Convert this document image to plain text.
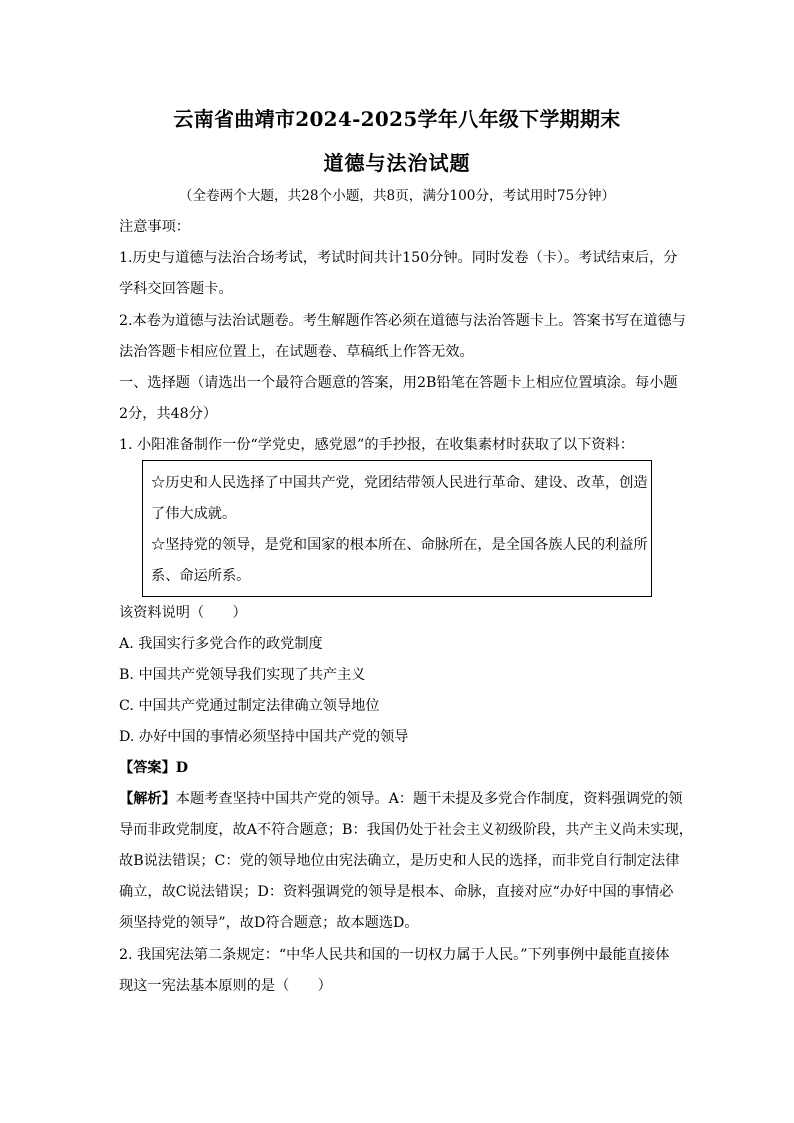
云南省曲靖市2024-2025学年八年级下学期期末
道德与法治试题
（全卷两个大题，共28个小题，共8页，满分100分，考试用时75分钟）
注意事项：
1.历史与道德与法治合场考试，考试时间共计150分钟。同时发卷（卡）。考试结束后，分
学科交回答题卡。
2.本卷为道德与法治试题卷。考生解题作答必须在道德与法治答题卡上。答案书写在道德与
法治答题卡相应位置上，在试题卷、草稿纸上作答无效。
一、选择题（请选出一个最符合题意的答案，用2B铅笔在答题卡上相应位置填涂。每小题
2分，共48分）
1. 小阳准备制作一份“学党史，感党恩”的手抄报，在收集素材时获取了以下资料：
☆历史和人民选择了中国共产党，党团结带领人民进行革命、建设、改革，创造
了伟大成就。
☆坚持党的领导，是党和国家的根本所在、命脉所在，是全国各族人民的利益所
系、命运所系。
该资料说明（　　）
A. 我国实行多党合作的政党制度
B. 中国共产党领导我们实现了共产主义
C. 中国共产党通过制定法律确立领导地位
D. 办好中国的事情必须坚持中国共产党的领导
【答案】D
【解析】本题考查坚持中国共产党的领导。A：题干未提及多党合作制度，资料强调党的领
导而非政党制度，故A不符合题意；B：我国仍处于社会主义初级阶段，共产主义尚未实现，
故B说法错误；C：党的领导地位由宪法确立，是历史和人民的选择，而非党自行制定法律
确立，故C说法错误；D：资料强调党的领导是根本、命脉，直接对应“办好中国的事情必
须坚持党的领导”，故D符合题意；故本题选D。
2. 我国宪法第二条规定：“中华人民共和国的一切权力属于人民。”下列事例中最能直接体
现这一宪法基本原则的是（　　）
